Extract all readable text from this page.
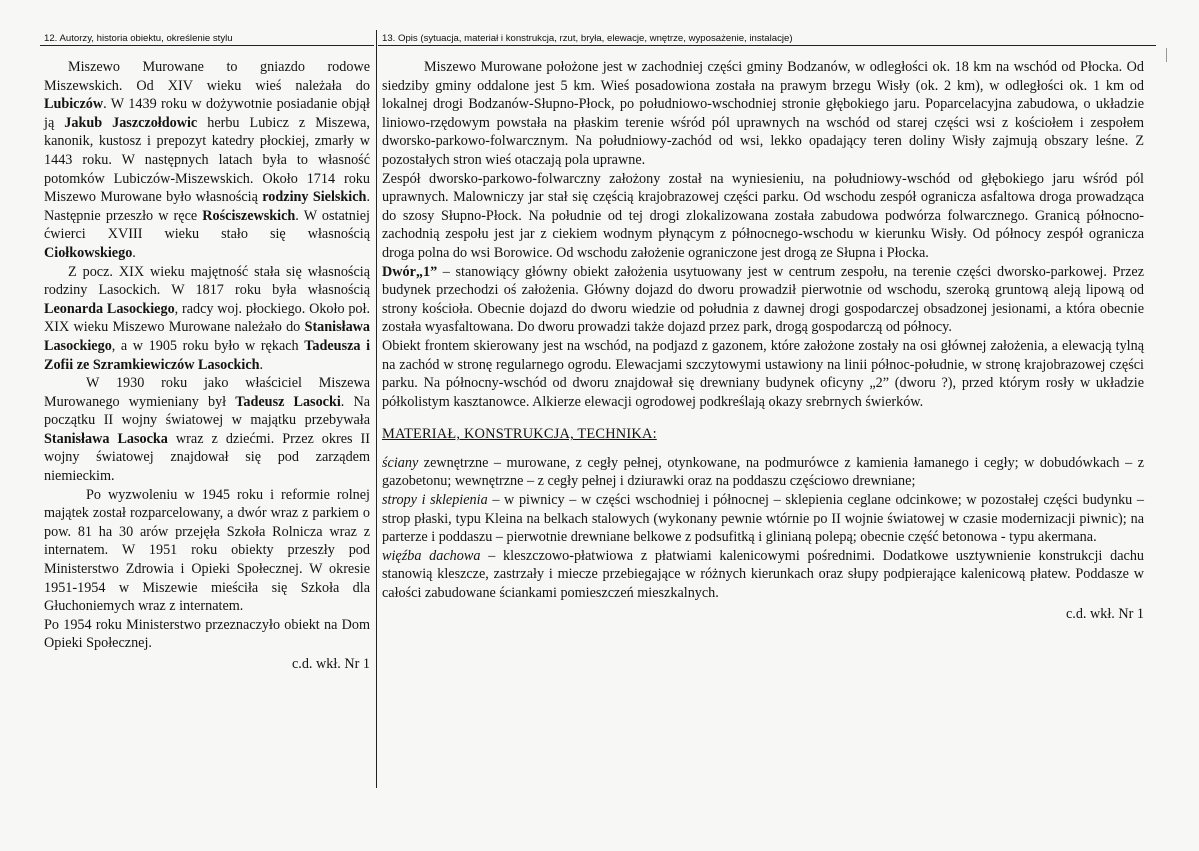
12. Autorzy, historia obiektu, określenie stylu	13. Opis (sytuacja, materiał i konstrukcja, rzut, bryła, elewacje, wnętrze, wyposażenie, instalacje)

Miszewo Murowane to gniazdo rodowe Miszewskich. Od XIV wieku wieś należała do Lubiczów. W 1439 roku w dożywotnie posiadanie objął ją Jakub Jaszczołdowic herbu Lubicz z Miszewa, kanonik, kustosz i prepozyt katedry płockiej, zmarły w 1443 roku. W następnych latach była to własność potomków Lubiczów-Miszewskich. Około 1714 roku Miszewo Murowane było własnością rodziny Sielskich. Następnie przeszło w ręce Rościszewskich. W ostatniej ćwierci XVIII wieku stało się własnością Ciołkowskiego.

Z pocz. XIX wieku majętność stała się własnością rodziny Lasockich. W 1817 roku była własnością Leonarda Lasockiego, radcy woj. płockiego. Około poł. XIX wieku Miszewo Murowane należało do Stanisława Lasockiego, a w 1905 roku było w rękach Tadeusza i Zofii ze Szramkiewiczów Lasockich.

W 1930 roku jako właściciel Miszewa Murowanego wymieniany był Tadeusz Lasocki. Na początku II wojny światowej w majątku przebywała Stanisława Lasocka wraz z dziećmi. Przez okres II wojny światowej znajdował się pod zarządem niemieckim.

Po wyzwoleniu w 1945 roku i reformie rolnej majątek został rozparcelowany, a dwór wraz z parkiem o pow. 81 ha 30 arów przejęła Szkoła Rolnicza wraz z internatem. W 1951 roku obiekty przeszły pod Ministerstwo Zdrowia i Opieki Społecznej. W okresie 1951-1954 w Miszewie mieściła się Szkoła dla Głuchoniemych wraz z internatem.

Po 1954 roku Ministerstwo przeznaczyło obiekt na Dom Opieki Społecznej.

c.d. wkł. Nr 1

Miszewo Murowane położone jest w zachodniej części gminy Bodzanów, w odległości ok. 18 km na wschód od Płocka. Od siedziby gminy oddalone jest 5 km. Wieś posadowiona została na prawym brzegu Wisły (ok. 2 km), w odległości ok. 1 km od lokalnej drogi Bodzanów-Słupno-Płock, po południowo-wschodniej stronie głębokiego jaru. Poparcelacyjna zabudowa, o układzie liniowo-rzędowym powstała na płaskim terenie wśród pól uprawnych na wschód od starej części wsi z kościołem i zespołem dworsko-parkowo-folwarcznym. Na południowy-zachód od wsi, lekko opadający teren doliny Wisły zajmują obszary leśne. Z pozostałych stron wieś otaczają pola uprawne.

Zespół dworsko-parkowo-folwarczny założony został na wyniesieniu, na południowy-wschód od głębokiego jaru wśród pól uprawnych. Malowniczy jar stał się częścią krajobrazowej części parku. Od wschodu zespół ogranicza asfaltowa droga prowadząca do szosy Słupno-Płock. Na południe od tej drogi zlokalizowana została zabudowa podwórza folwarcznego. Granicą północno-zachodnią zespołu jest jar z ciekiem wodnym płynącym z północnego-wschodu w kierunku Wisły. Od północy zespół ogranicza droga polna do wsi Borowice. Od wschodu założenie ograniczone jest drogą ze Słupna i Płocka.

Dwór„1” – stanowiący główny obiekt założenia usytuowany jest w centrum zespołu, na terenie części dworsko-parkowej. Przez budynek przechodzi oś założenia. Główny dojazd do dworu prowadził pierwotnie od wschodu, szeroką gruntową aleją lipową od strony kościoła. Obecnie dojazd do dworu wiedzie od południa z dawnej drogi gospodarczej obsadzonej jesionami, a która obecnie została wyasfaltowana. Do dworu prowadzi także dojazd przez park, drogą gospodarczą od północy.

Obiekt frontem skierowany jest na wschód, na podjazd z gazonem, które założone zostały na osi głównej założenia, a elewacją tylną na zachód w stronę regularnego ogrodu. Elewacjami szczytowymi ustawiony na linii północ-południe, w stronę krajobrazowej części parku. Na północny-wschód od dworu znajdował się drewniany budynek oficyny „2” (dworu ?), przed którym rosły w układzie półkolistym kasztanowce. Alkierze elewacji ogrodowej podkreślają okazy srebrnych świerków.

MATERIAŁ, KONSTRUKCJA, TECHNIKA:

ściany zewnętrzne – murowane, z cegły pełnej, otynkowane, na podmurówce z kamienia łamanego i cegły; w dobudówkach – z gazobetonu; wewnętrzne – z cegły pełnej i dziurawki oraz na poddaszu częściowo drewniane;

stropy i sklepienia – w piwnicy – w części wschodniej i północnej – sklepienia ceglane odcinkowe; w pozostałej części budynku – strop płaski, typu Kleina na belkach stalowych (wykonany pewnie wtórnie po II wojnie światowej w czasie modernizacji piwnic); na parterze i poddaszu – pierwotnie drewniane belkowe z podsufitką i glinianą polepą; obecnie część betonowa - typu akermana.

więźba dachowa – kleszczowo-płatwiowa z płatwiami kalenicowymi pośrednimi. Dodatkowe usztywnienie konstrukcji dachu stanowią kleszcze, zastrzały i miecze przebiegające w różnych kierunkach oraz słupy podpierające kalenicową płatew. Poddasze w całości zabudowane ściankami pomieszczeń mieszkalnych.

c.d. wkł. Nr 1
